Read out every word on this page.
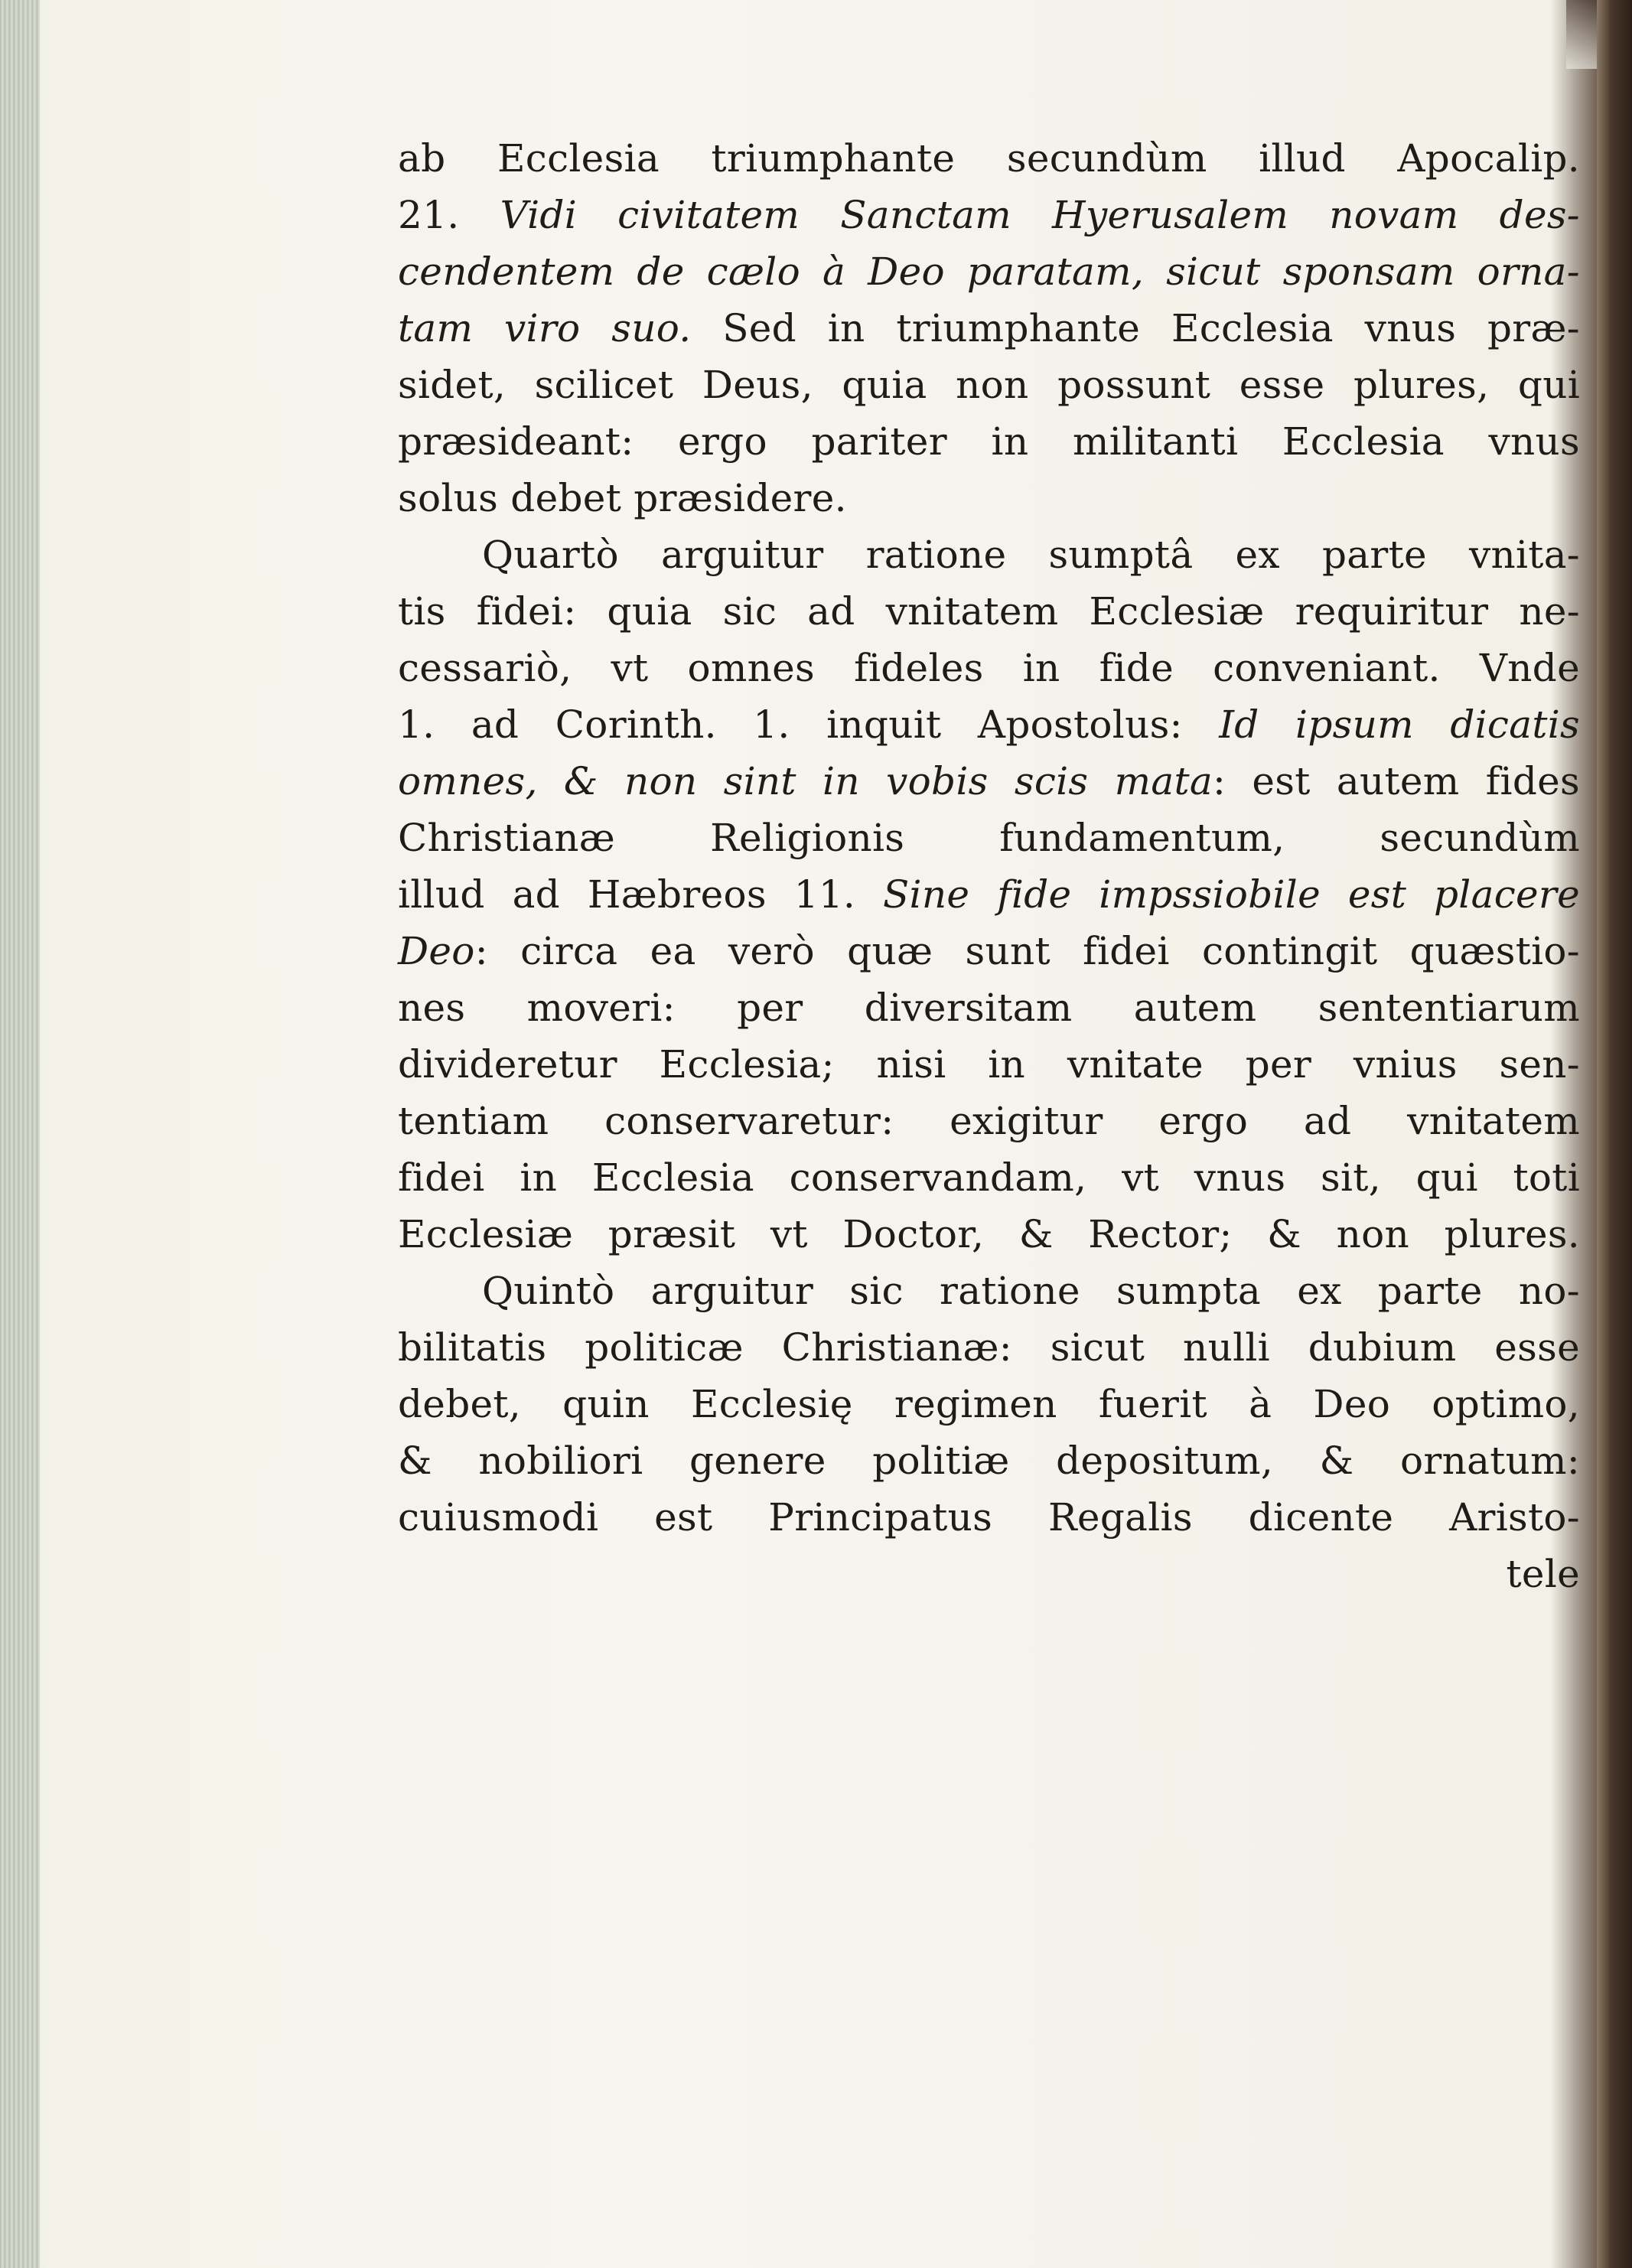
ab Ecclesia triumphante secundùm illud Apocalip.
21. Vidi civitatem Sanctam Hyerusalem novam des-
cendentem de cælo à Deo paratam, sicut sponsam orna-
tam viro suo. Sed in triumphante Ecclesia vnus præ-
sidet, scilicet Deus, quia non possunt esse plures, qui
præsideant: ergo pariter in militanti Ecclesia vnus
solus debet præsidere.
Quartò arguitur ratione sumptâ ex parte vnita-
tis fidei: quia sic ad vnitatem Ecclesiæ requiritur ne-
cessariò, vt omnes fideles in fide conveniant. Vnde
1. ad Corinth. 1. inquit Apostolus: Id ipsum dicatis
omnes, & non sint in vobis scis mata: est autem fides
Christianæ Religionis fundamentum, secundùm
illud ad Hæbreos 11. Sine fide impssiobile est placere
Deo: circa ea verò quæ sunt fidei contingit quæstio-
nes moveri: per diversitam autem sententiarum
divideretur Ecclesia; nisi in vnitate per vnius sen-
tentiam conservaretur: exigitur ergo ad vnitatem
fidei in Ecclesia conservandam, vt vnus sit, qui toti
Ecclesiæ præsit vt Doctor, & Rector; & non plures.
Quintò arguitur sic ratione sumpta ex parte no-
bilitatis politicæ Christianæ: sicut nulli dubium esse
debet, quin Ecclesię regimen fuerit à Deo optimo,
& nobiliori genere politiæ depositum, & ornatum:
cuiusmodi est Principatus Regalis dicente Aristo-
tele
